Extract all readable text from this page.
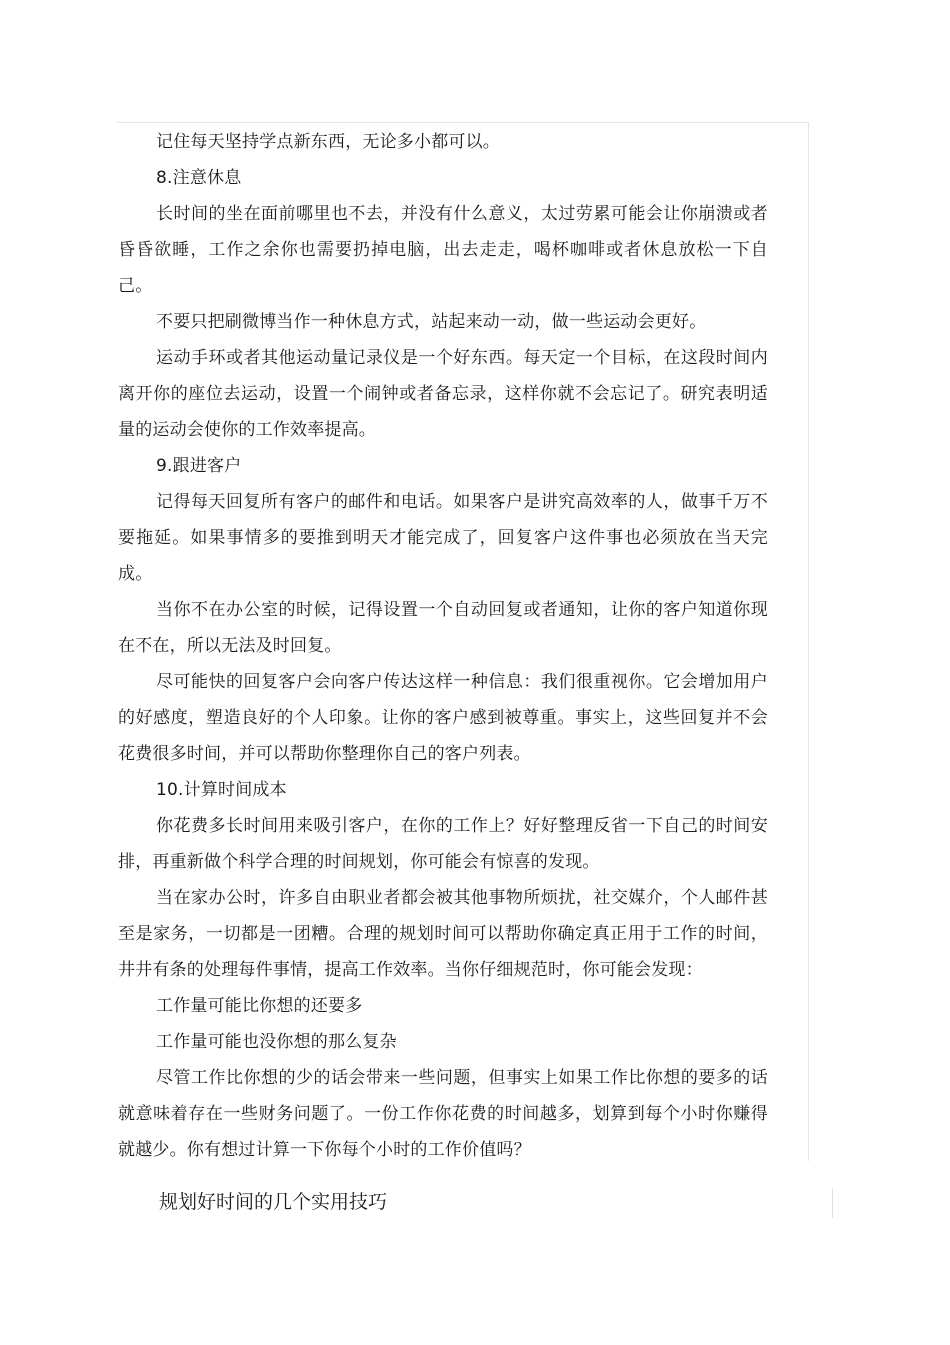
记住每天坚持学点新东西，无论多小都可以。

8.注意休息

长时间的坐在面前哪里也不去，并没有什么意义，太过劳累可能会让你崩溃或者昏昏欲睡，工作之余你也需要扔掉电脑，出去走走，喝杯咖啡或者休息放松一下自己。

不要只把刷微博当作一种休息方式，站起来动一动，做一些运动会更好。

运动手环或者其他运动量记录仪是一个好东西。每天定一个目标，在这段时间内离开你的座位去运动，设置一个闹钟或者备忘录，这样你就不会忘记了。研究表明适量的运动会使你的工作效率提高。

9.跟进客户

记得每天回复所有客户的邮件和电话。如果客户是讲究高效率的人，做事千万不要拖延。如果事情多的要推到明天才能完成了，回复客户这件事也必须放在当天完成。

当你不在办公室的时候，记得设置一个自动回复或者通知，让你的客户知道你现在不在，所以无法及时回复。

尽可能快的回复客户会向客户传达这样一种信息：我们很重视你。它会增加用户的好感度，塑造良好的个人印象。让你的客户感到被尊重。事实上，这些回复并不会花费很多时间，并可以帮助你整理你自己的客户列表。

10.计算时间成本

你花费多长时间用来吸引客户，在你的工作上？好好整理反省一下自己的时间安排，再重新做个科学合理的时间规划，你可能会有惊喜的发现。

当在家办公时，许多自由职业者都会被其他事物所烦扰，社交媒介，个人邮件甚至是家务，一切都是一团糟。合理的规划时间可以帮助你确定真正用于工作的时间，井井有条的处理每件事情，提高工作效率。当你仔细规范时，你可能会发现：

工作量可能比你想的还要多

工作量可能也没你想的那么复杂

尽管工作比你想的少的话会带来一些问题，但事实上如果工作比你想的要多的话就意味着存在一些财务问题了。一份工作你花费的时间越多，划算到每个小时你赚得就越少。你有想过计算一下你每个小时的工作价值吗？

规划好时间的几个实用技巧
